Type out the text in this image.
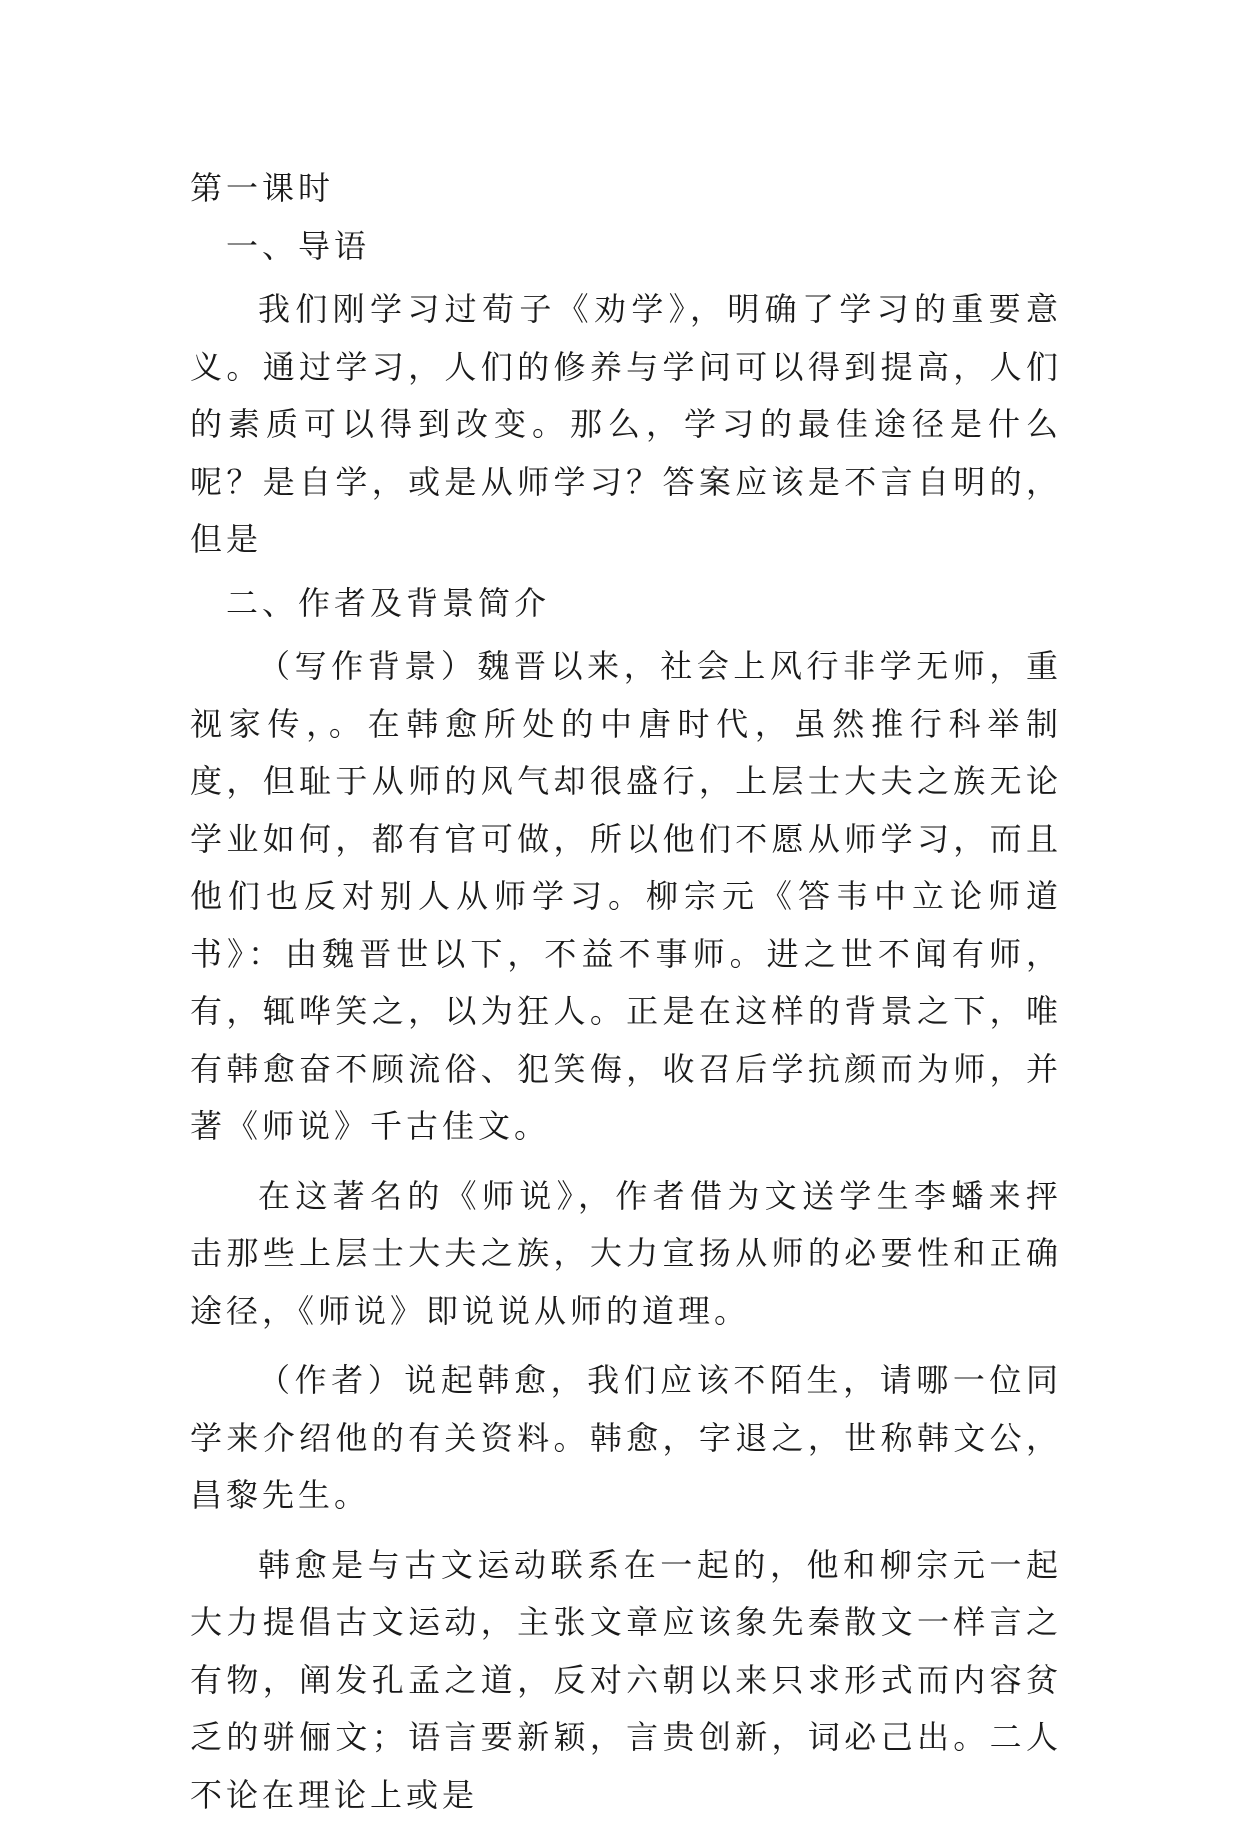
第一课时

一、导语

我们刚学习过荀子《劝学》，明确了学习的重要意义。通过学习，人们的修养与学问可以得到提高，人们的素质可以得到改变。那么，学习的最佳途径是什么呢？是自学，或是从师学习？答案应该是不言自明的，但是

二、作者及背景简介

（写作背景）魏晋以来，社会上风行非学无师，重视家传，。在韩愈所处的中唐时代，虽然推行科举制度，但耻于从师的风气却很盛行，上层士大夫之族无论学业如何，都有官可做，所以他们不愿从师学习，而且他们也反对别人从师学习。柳宗元《答韦中立论师道书》：由魏晋世以下，不益不事师。进之世不闻有师，有，辄哗笑之，以为狂人。正是在这样的背景之下，唯有韩愈奋不顾流俗、犯笑侮，收召后学抗颜而为师，并著《师说》千古佳文。

在这著名的《师说》，作者借为文送学生李蟠来抨击那些上层士大夫之族，大力宣扬从师的必要性和正确途径，《师说》即说说从师的道理。

（作者）说起韩愈，我们应该不陌生，请哪一位同学来介绍他的有关资料。韩愈，字退之，世称韩文公，昌黎先生。

韩愈是与古文运动联系在一起的，他和柳宗元一起大力提倡古文运动，主张文章应该象先秦散文一样言之有物，阐发孔孟之道，反对六朝以来只求形式而内容贫乏的骈俪文；语言要新颖，言贵创新，词必己出。二人不论在理论上或是
